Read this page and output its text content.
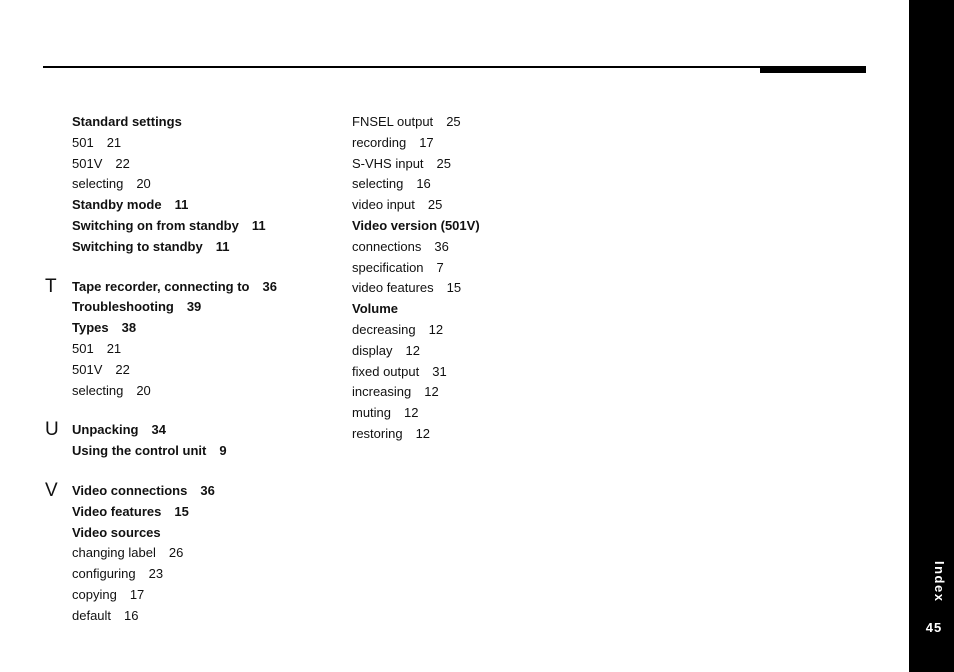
Index
45
Standard settings
501 21
501V 22
selecting 20
Standby mode 11
Switching on from standby 11
Switching to standby 11
T Tape recorder, connecting to 36
Troubleshooting 39
Types 38
501 21
501V 22
selecting 20
U Unpacking 34
Using the control unit 9
V Video connections 36
Video features 15
Video sources
changing label 26
configuring 23
copying 17
default 16
FNSEL output 25
recording 17
S-VHS input 25
selecting 16
video input 25
Video version (501V)
connections 36
specification 7
video features 15
Volume
decreasing 12
display 12
fixed output 31
increasing 12
muting 12
restoring 12
